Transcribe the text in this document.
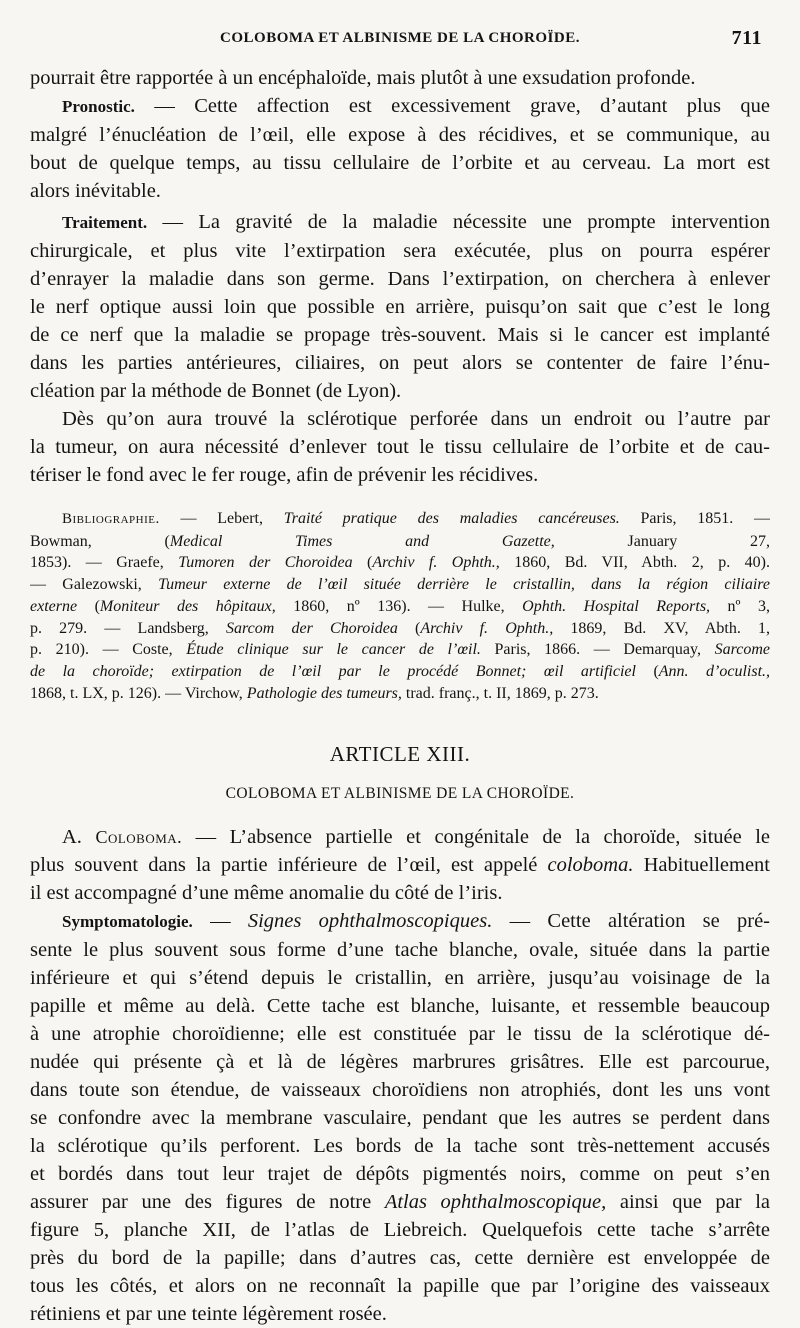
COLOBOMA ET ALBINISME DE LA CHOROÏDE.	711
pourrait être rapportée à un encéphaloïde, mais plutôt à une exsudation profonde.
Pronostic. — Cette affection est excessivement grave, d’autant plus que
malgré l’énucléation de l’œil, elle expose à des récidives, et se communique, au
bout de quelque temps, au tissu cellulaire de l’orbite et au cerveau. La mort est
alors inévitable.
Traitement. — La gravité de la maladie nécessite une prompte intervention
chirurgicale, et plus vite l’extirpation sera exécutée, plus on pourra espérer
d’enrayer la maladie dans son germe. Dans l’extirpation, on cherchera à enlever
le nerf optique aussi loin que possible en arrière, puisqu’on sait que c’est le long
de ce nerf que la maladie se propage très-souvent. Mais si le cancer est implanté
dans les parties antérieures, ciliaires, on peut alors se contenter de faire l’énu-
cléation par la méthode de Bonnet (de Lyon).
Dès qu’on aura trouvé la sclérotique perforée dans un endroit ou l’autre par
la tumeur, on aura nécessité d’enlever tout le tissu cellulaire de l’orbite et de cau-
tériser le fond avec le fer rouge, afin de prévenir les récidives.
Bibliographie. — Lebert, Traité pratique des maladies cancéreuses. Paris, 1851. —
Bowman, (Medical Times and Gazette, January 27,
1853). — Graefe, Tumoren der Choroidea (Archiv f. Ophth., 1860, Bd. VII, Abth. 2, p. 40).
— Galezowski, Tumeur externe de l’œil située derrière le cristallin, dans la région ciliaire
externe (Moniteur des hôpitaux, 1860, nº 136). — Hulke, Ophth. Hospital Reports, nº 3,
p. 279. — Landsberg, Sarcom der Choroidea (Archiv f. Ophth., 1869, Bd. XV, Abth. 1,
p. 210). — Coste, Étude clinique sur le cancer de l’œil. Paris, 1866. — Demarquay, Sarcome
de la choroïde; extirpation de l’œil par le procédé Bonnet; œil artificiel (Ann. d’oculist.,
1868, t. LX, p. 126). — Virchow, Pathologie des tumeurs, trad. franç., t. II, 1869, p. 273.

ARTICLE XIII.

COLOBOMA ET ALBINISME DE LA CHOROÏDE.

A. Coloboma. — L’absence partielle et congénitale de la choroïde, située le
plus souvent dans la partie inférieure de l’œil, est appelé coloboma. Habituellement
il est accompagné d’une même anomalie du côté de l’iris.
Symptomatologie. — Signes ophthalmoscopiques. — Cette altération se pré-
sente le plus souvent sous forme d’une tache blanche, ovale, située dans la partie
inférieure et qui s’étend depuis le cristallin, en arrière, jusqu’au voisinage de la
papille et même au delà. Cette tache est blanche, luisante, et ressemble beaucoup
à une atrophie choroïdienne; elle est constituée par le tissu de la sclérotique dé-
nudée qui présente çà et là de légères marbrures grisâtres. Elle est parcourue,
dans toute son étendue, de vaisseaux choroïdiens non atrophiés, dont les uns vont
se confondre avec la membrane vasculaire, pendant que les autres se perdent dans
la sclérotique qu’ils perforent. Les bords de la tache sont très-nettement accusés
et bordés dans tout leur trajet de dépôts pigmentés noirs, comme on peut s’en
assurer par une des figures de notre Atlas ophthalmoscopique, ainsi que par la
figure 5, planche XII, de l’atlas de Liebreich. Quelquefois cette tache s’arrête
près du bord de la papille; dans d’autres cas, cette dernière est enveloppée de
tous les côtés, et alors on ne reconnaît la papille que par l’origine des vaisseaux
rétiniens et par une teinte légèrement rosée.
